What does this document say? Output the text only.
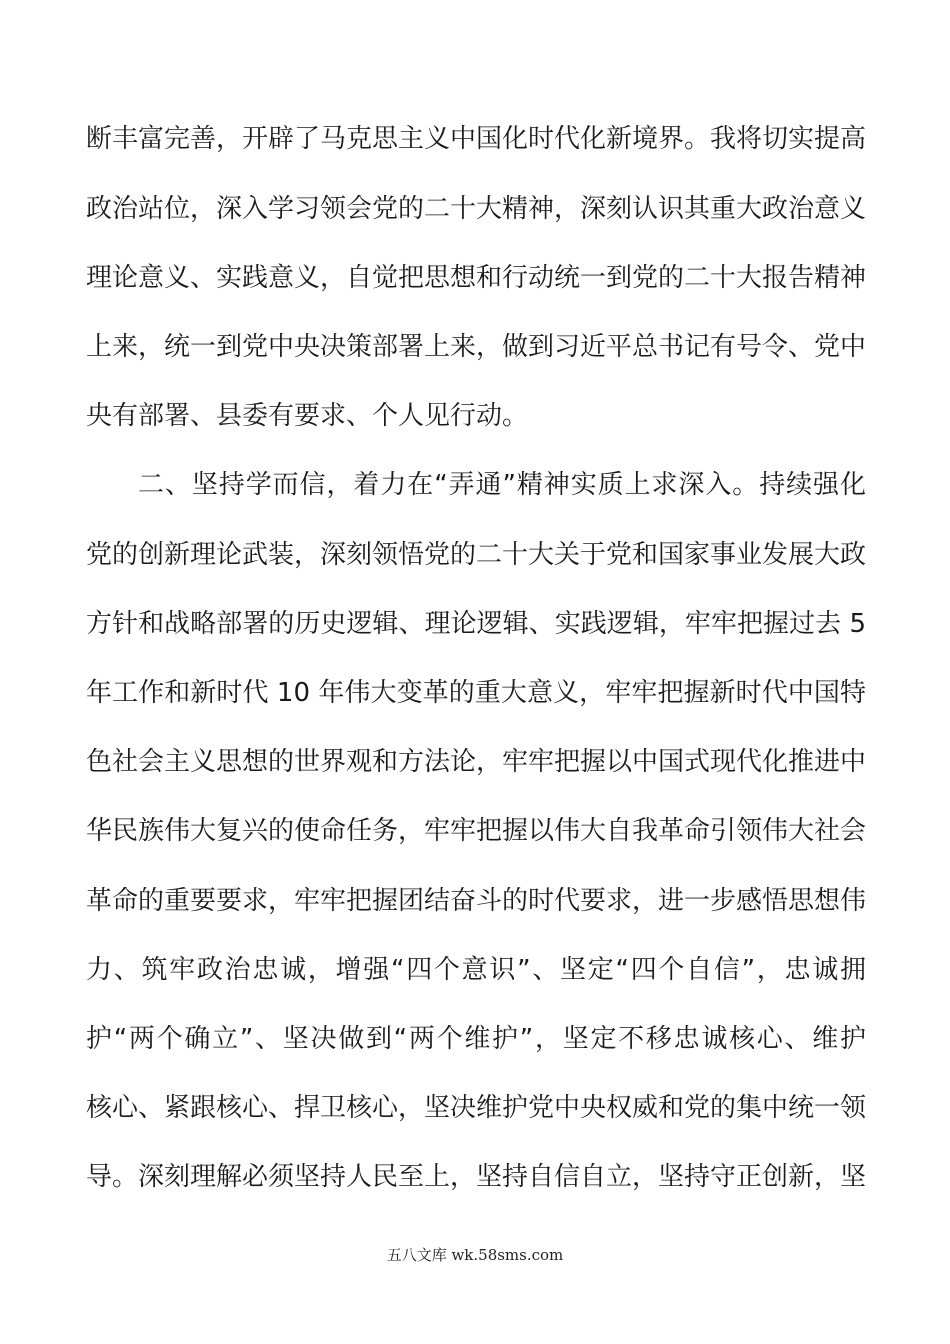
断丰富完善，开辟了马克思主义中国化时代化新境界。我将切实提高
政治站位，深入学习领会党的二十大精神，深刻认识其重大政治意义
理论意义、实践意义，自觉把思想和行动统一到党的二十大报告精神
上来，统一到党中央决策部署上来，做到习近平总书记有号令、党中
央有部署、县委有要求、个人见行动。
二、坚持学而信，着力在“弄通”精神实质上求深入。持续强化
党的创新理论武装，深刻领悟党的二十大关于党和国家事业发展大政
方针和战略部署的历史逻辑、理论逻辑、实践逻辑，牢牢把握过去 5
年工作和新时代 10 年伟大变革的重大意义，牢牢把握新时代中国特
色社会主义思想的世界观和方法论，牢牢把握以中国式现代化推进中
华民族伟大复兴的使命任务，牢牢把握以伟大自我革命引领伟大社会
革命的重要要求，牢牢把握团结奋斗的时代要求，进一步感悟思想伟
力、筑牢政治忠诚，增强“四个意识”、坚定“四个自信”，忠诚拥
护“两个确立”、坚决做到“两个维护”，坚定不移忠诚核心、维护
核心、紧跟核心、捍卫核心，坚决维护党中央权威和党的集中统一领
导。深刻理解必须坚持人民至上，坚持自信自立，坚持守正创新，坚
五八文库 wk.58sms.com
